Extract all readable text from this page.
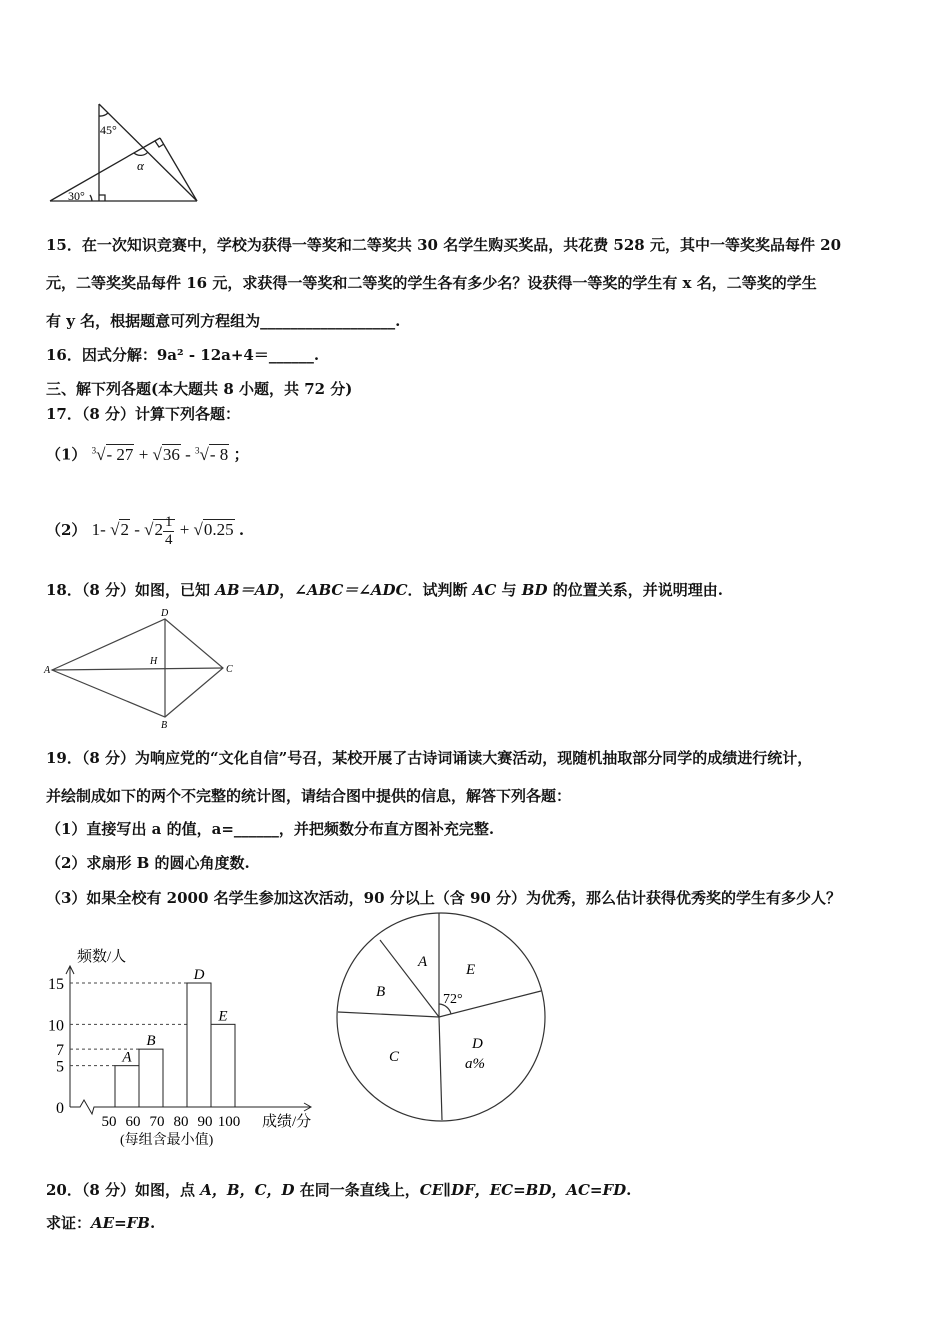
45°
30°
α
A
D
C
B
H
0
5
7
10
15
50 60 70 80 90 100
A
B
D
E
频数/人
成绩/分
(每组含最小值)
A
B
C
D
E
a%
72°
15．在一次知识竞赛中，学校为获得一等奖和二等奖共 30 名学生购买奖品，共花费 528 元，其中一等奖奖品每件 20
元，二等奖奖品每件 16 元，求获得一等奖和二等奖的学生各有多少名？设获得一等奖的学生有 x 名，二等奖的学生
有 y 名，根据题意可列方程组为__________________.
16．因式分解：9a² - 12a+4＝______.
三、解下列各题(本大题共 8 小题，共 72 分)
17．（8 分）计算下列各题：
（1） $^3$√- 27 + √36 - $^3$√- 8 ；
（2） 1- $√2 - √2 \frac{1}{4} + √0.25$ .
18．（8 分）如图，已知 AB＝AD，∠ABC＝∠ADC．试判断 AC 与 BD 的位置关系，并说明理由.
19．（8 分）为响应党的“文化自信”号召，某校开展了古诗词诵读大赛活动，现随机抽取部分同学的成绩进行统计，
并绘制成如下的两个不完整的统计图，请结合图中提供的信息，解答下列各题：
（1）直接写出 a 的值，a=______，并把频数分布直方图补充完整.
（2）求扇形 B 的圆心角度数.
（3）如果全校有 2000 名学生参加这次活动，90 分以上（含 90 分）为优秀，那么估计获得优秀奖的学生有多少人？
20．（8 分）如图，点 A，B，C，D 在同一条直线上，CE∥DF，EC=BD，AC=FD.
求证：AE=FB.
